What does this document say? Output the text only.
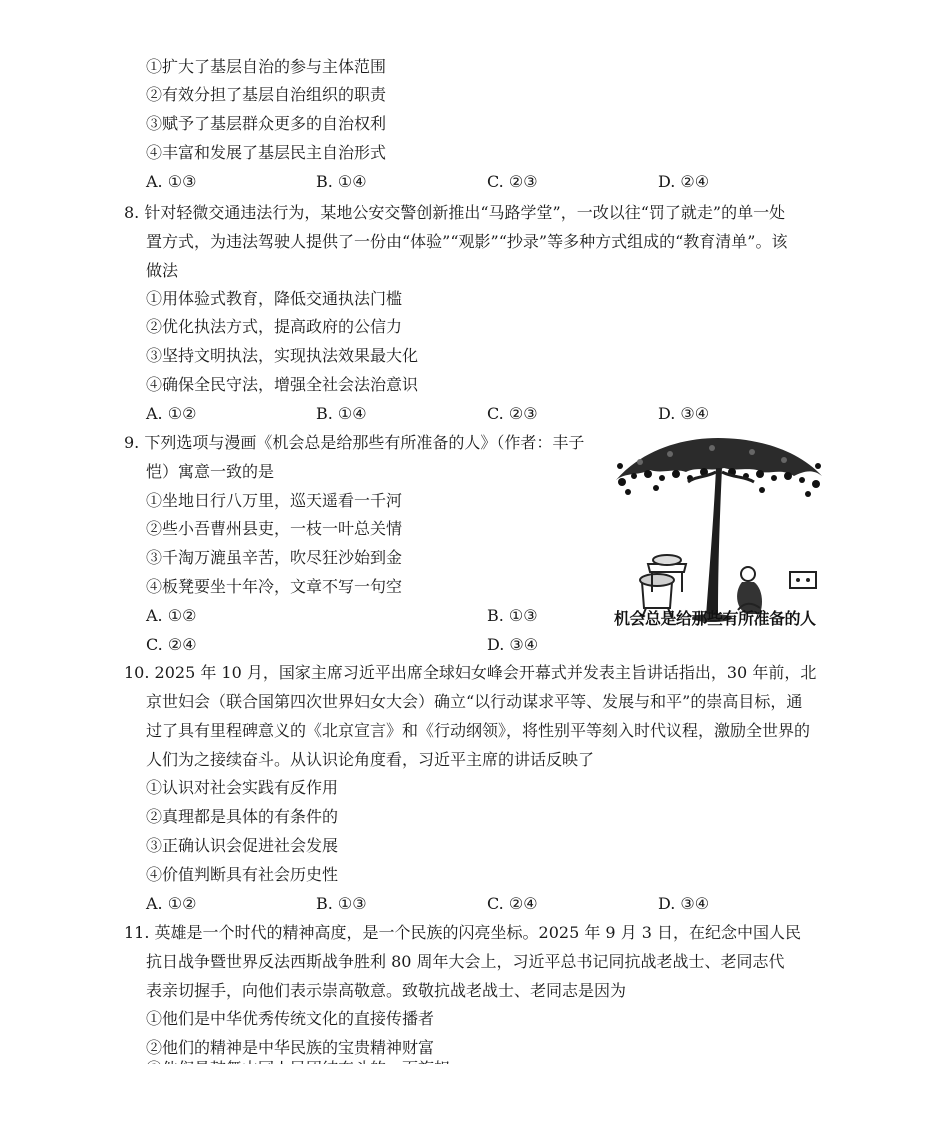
①扩大了基层自治的参与主体范围
②有效分担了基层自治组织的职责
③赋予了基层群众更多的自治权利
④丰富和发展了基层民主自治形式
A. ①③	B. ①④	C. ②③	D. ②④
8. 针对轻微交通违法行为，某地公安交警创新推出“马路学堂”，一改以往“罚了就走”的单一处
置方式，为违法驾驶人提供了一份由“体验”“观影”“抄录”等多种方式组成的“教育清单”。该
做法
①用体验式教育，降低交通执法门槛
②优化执法方式，提高政府的公信力
③坚持文明执法，实现执法效果最大化
④确保全民守法，增强全社会法治意识
A. ①②	B. ①④	C. ②③	D. ③④
9. 下列选项与漫画《机会总是给那些有所准备的人》（作者：丰子
恺）寓意一致的是
①坐地日行八万里，巡天遥看一千河
②些小吾曹州县吏，一枝一叶总关情
③千淘万漉虽辛苦，吹尽狂沙始到金
④板凳要坐十年冷，文章不写一句空
A. ①②	B. ①③
C. ②④	D. ③④
机会总是给那些有所准备的人
10. 2025 年 10 月，国家主席习近平出席全球妇女峰会开幕式并发表主旨讲话指出，30 年前，北
京世妇会（联合国第四次世界妇女大会）确立“以行动谋求平等、发展与和平”的崇高目标，通
过了具有里程碑意义的《北京宣言》和《行动纲领》，将性别平等刻入时代议程，激励全世界的
人们为之接续奋斗。从认识论角度看，习近平主席的讲话反映了
①认识对社会实践有反作用
②真理都是具体的有条件的
③正确认识会促进社会发展
④价值判断具有社会历史性
A. ①②	B. ①③	C. ②④	D. ③④
11. 英雄是一个时代的精神高度，是一个民族的闪亮坐标。2025 年 9 月 3 日，在纪念中国人民
抗日战争暨世界反法西斯战争胜利 80 周年大会上，习近平总书记同抗战老战士、老同志代
表亲切握手，向他们表示崇高敬意。致敬抗战老战士、老同志是因为
①他们是中华优秀传统文化的直接传播者
②他们的精神是中华民族的宝贵精神财富
